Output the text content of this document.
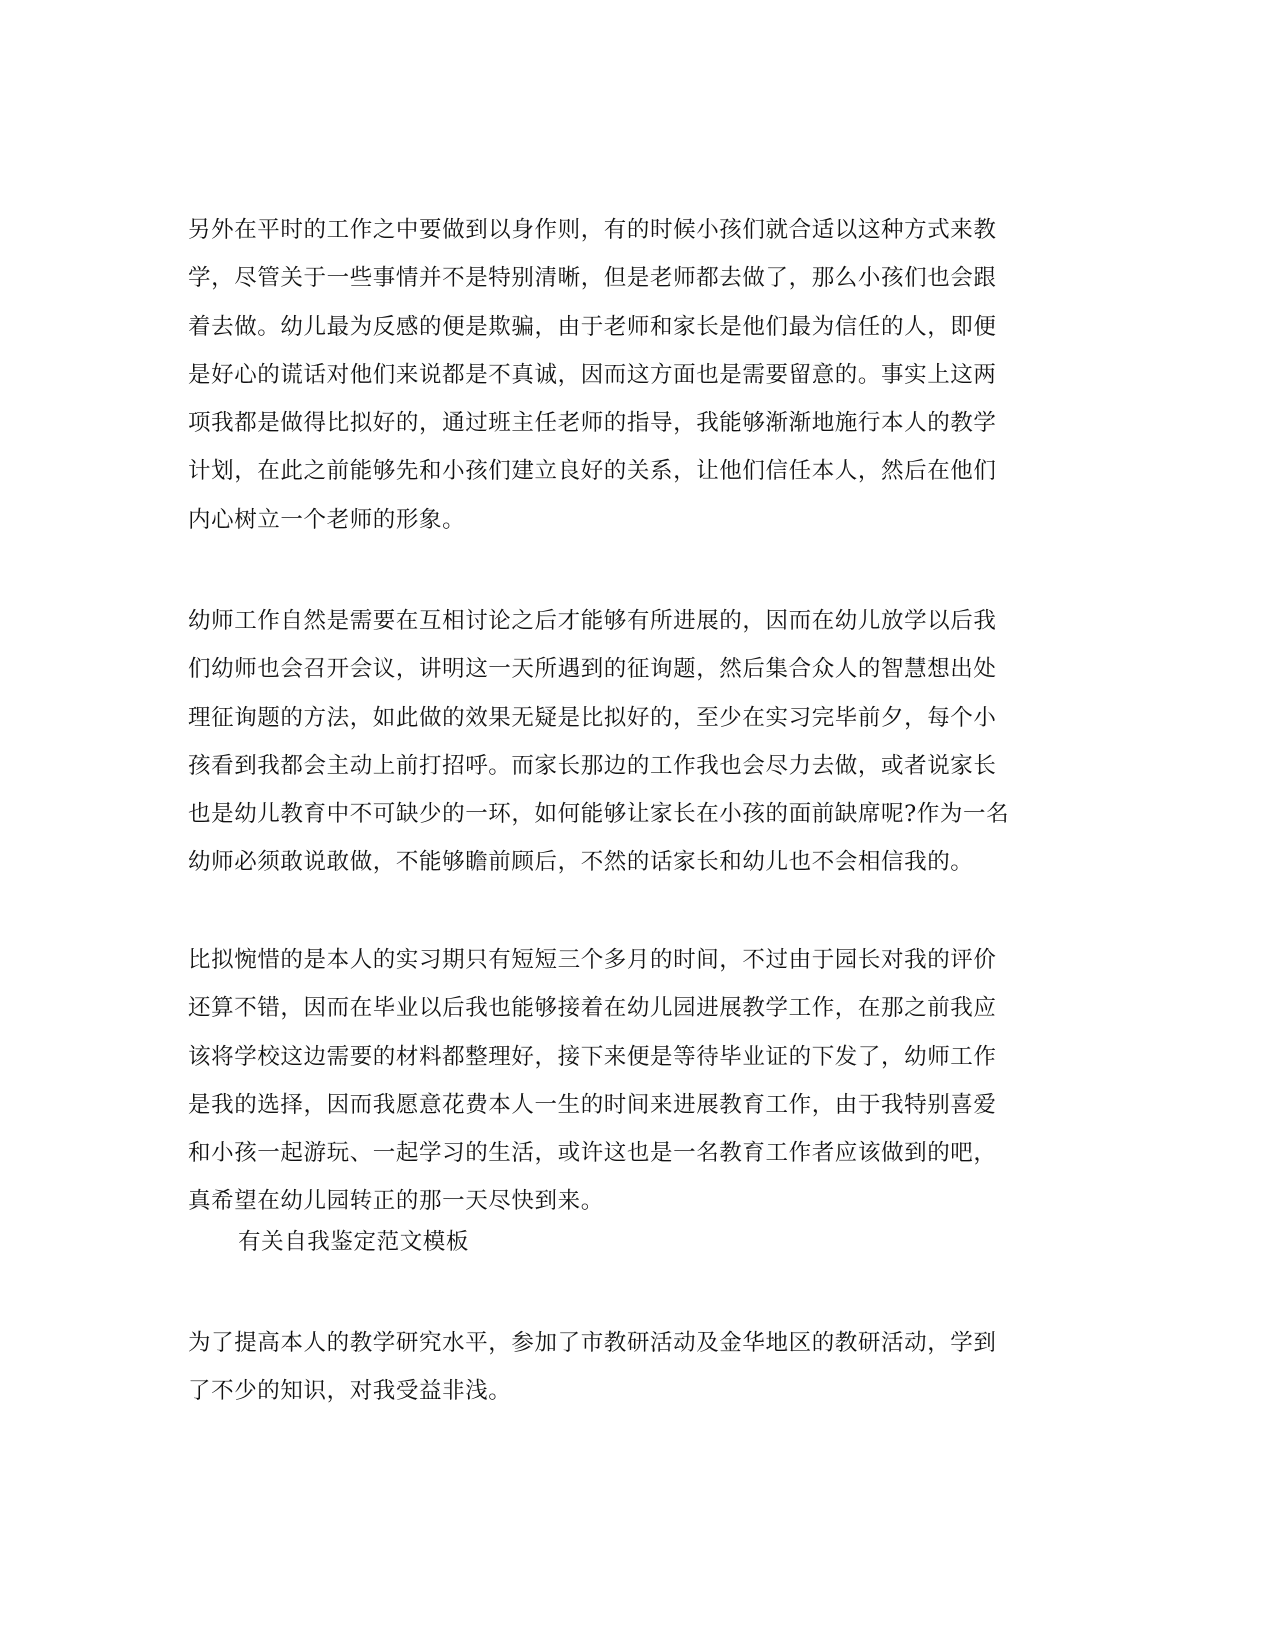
另外在平时的工作之中要做到以身作则，有的时候小孩们就合适以这种方式来教
学，尽管关于一些事情并不是特别清晰，但是老师都去做了，那么小孩们也会跟
着去做。幼儿最为反感的便是欺骗，由于老师和家长是他们最为信任的人，即便
是好心的谎话对他们来说都是不真诚，因而这方面也是需要留意的。事实上这两
项我都是做得比拟好的，通过班主任老师的指导，我能够渐渐地施行本人的教学
计划，在此之前能够先和小孩们建立良好的关系，让他们信任本人，然后在他们
内心树立一个老师的形象。
幼师工作自然是需要在互相讨论之后才能够有所进展的，因而在幼儿放学以后我
们幼师也会召开会议，讲明这一天所遇到的征询题，然后集合众人的智慧想出处
理征询题的方法，如此做的效果无疑是比拟好的，至少在实习完毕前夕，每个小
孩看到我都会主动上前打招呼。而家长那边的工作我也会尽力去做，或者说家长
也是幼儿教育中不可缺少的一环，如何能够让家长在小孩的面前缺席呢?作为一名
幼师必须敢说敢做，不能够瞻前顾后，不然的话家长和幼儿也不会相信我的。
比拟惋惜的是本人的实习期只有短短三个多月的时间，不过由于园长对我的评价
还算不错，因而在毕业以后我也能够接着在幼儿园进展教学工作，在那之前我应
该将学校这边需要的材料都整理好，接下来便是等待毕业证的下发了，幼师工作
是我的选择，因而我愿意花费本人一生的时间来进展教育工作，由于我特别喜爱
和小孩一起游玩、一起学习的生活，或许这也是一名教育工作者应该做到的吧，
真希望在幼儿园转正的那一天尽快到来。

有关自我鉴定范文模板

为了提高本人的教学研究水平，参加了市教研活动及金华地区的教研活动，学到
了不少的知识，对我受益非浅。
